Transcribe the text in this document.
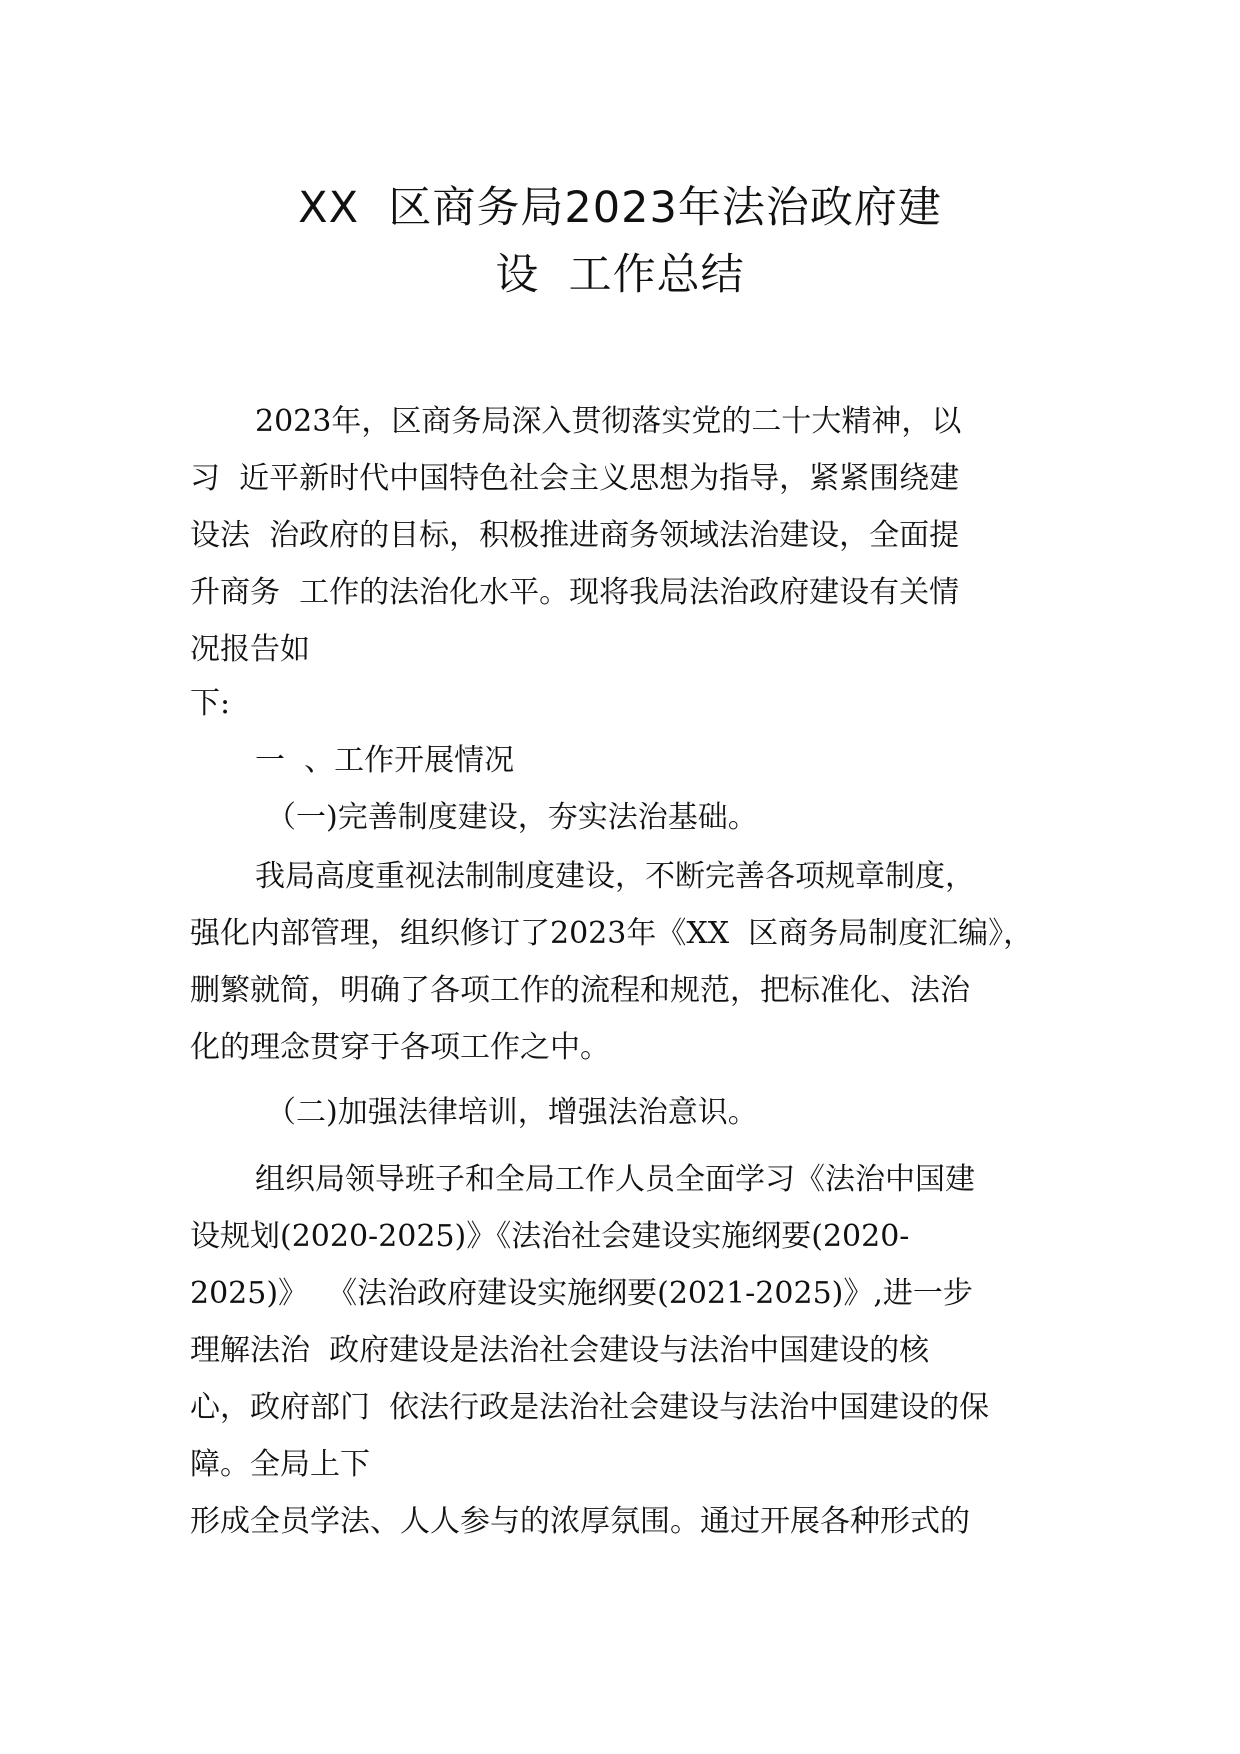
XX  区商务局2023年法治政府建
设  工作总结
2023年，区商务局深入贯彻落实党的二十大精神，以
习  近平新时代中国特色社会主义思想为指导，紧紧围绕建
设法  治政府的目标，积极推进商务领域法治建设，全面提
升商务  工作的法治化水平。现将我局法治政府建设有关情
况报告如
下:
一  、工作开展情况
（一)完善制度建设，夯实法治基础。
我局高度重视法制制度建设，不断完善各项规章制度，
强化内部管理，组织修订了2023年《XX  区商务局制度汇编》，
删繁就简，明确了各项工作的流程和规范，把标准化、法治
化的理念贯穿于各项工作之中。
（二)加强法律培训，增强法治意识。
组织局领导班子和全局工作人员全面学习《法治中国建
设规划(2020-2025)》《法治社会建设实施纲要(2020-
2025)》  《法治政府建设实施纲要(2021-2025)》,进一步
理解法治  政府建设是法治社会建设与法治中国建设的核
心，政府部门  依法行政是法治社会建设与法治中国建设的保
障。全局上下
形成全员学法、人人参与的浓厚氛围。通过开展各种形式的
